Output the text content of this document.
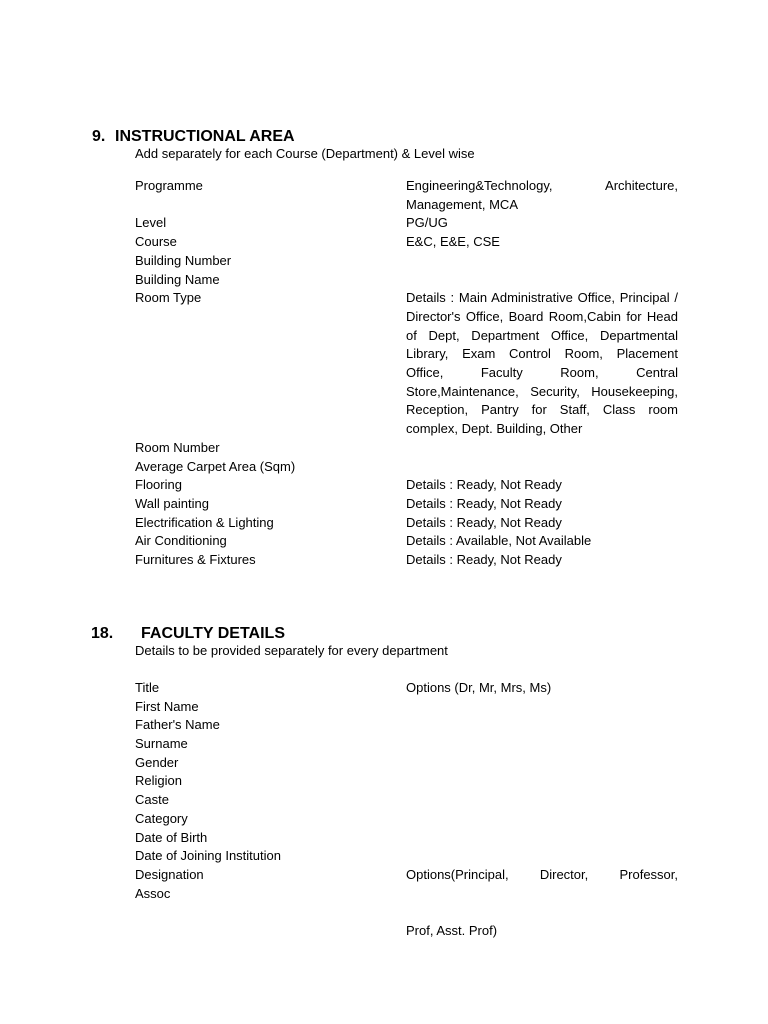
9. INSTRUCTIONAL AREA
Add separately for each Course (Department) & Level wise
Programme	Engineering&Technology, Architecture, Management, MCA
Level	PG/UG
Course	E&C, E&E, CSE
Building Number
Building Name
Room Type	Details : Main Administrative Office, Principal / Director's Office, Board Room,Cabin for Head of Dept, Department Office, Departmental Library, Exam Control Room, Placement Office, Faculty Room, Central Store,Maintenance, Security, Housekeeping, Reception, Pantry for Staff, Class room complex, Dept. Building, Other
Room Number
Average Carpet Area (Sqm)
Flooring	Details : Ready, Not Ready
Wall painting	Details : Ready, Not Ready
Electrification & Lighting	Details : Ready, Not Ready
Air Conditioning	Details : Available, Not Available
Furnitures & Fixtures	Details : Ready, Not Ready
18. FACULTY DETAILS
Details to be provided separately for every department
Title	Options (Dr, Mr, Mrs, Ms)
First Name
Father's Name
Surname
Gender
Religion
Caste
Category
Date of Birth
Date of Joining Institution
Designation	Options(Principal, Director, Professor,
Assoc
Prof, Asst. Prof)
